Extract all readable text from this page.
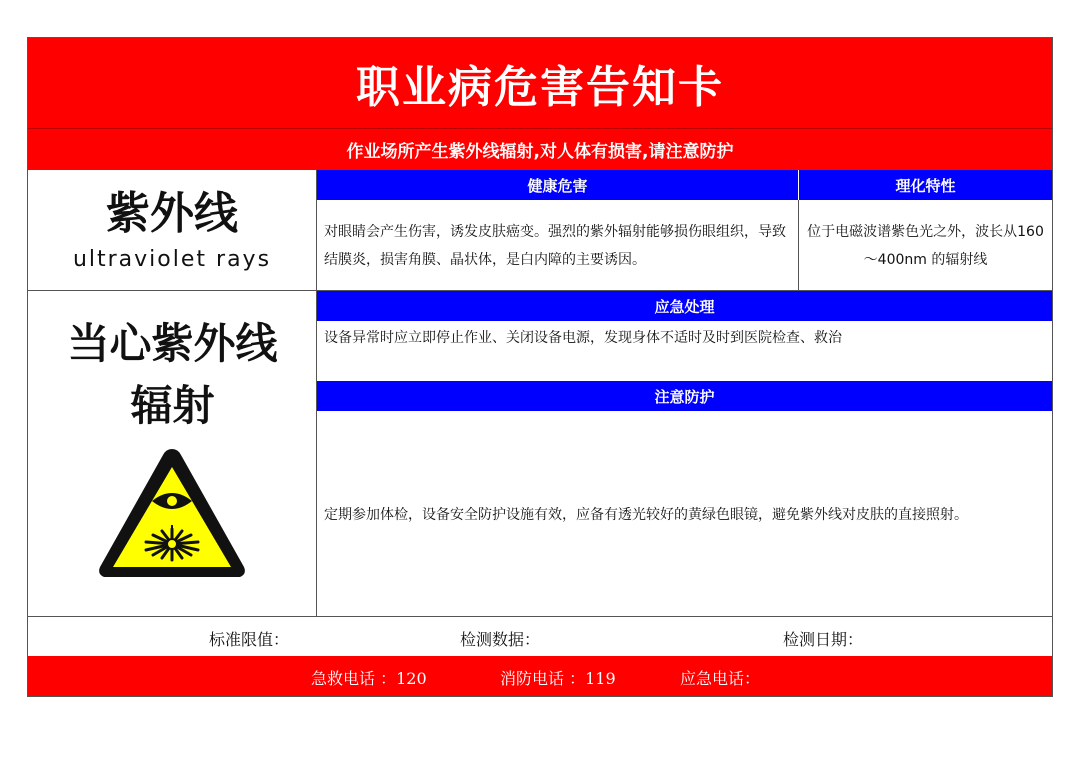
职业病危害告知卡
作业场所产生紫外线辐射,对人体有损害,请注意防护
紫外线
ultraviolet rays
当心紫外线
辐射
健康危害	理化特性
对眼睛会产生伤害，诱发皮肤癌变。强烈的紫外辐射能够损伤眼组织，导致结膜炎，损害角膜、晶状体，是白内障的主要诱因。
位于电磁波谱紫色光之外，波长从160～400nm 的辐射线
应急处理
设备异常时应立即停止作业、关闭设备电源，发现身体不适时及时到医院检查、救治
注意防护
定期参加体检，设备安全防护设施有效，应备有透光较好的黄绿色眼镜，避免紫外线对皮肤的直接照射。
标准限值：	检测数据：	检测日期：
急救电话 ：120	消防电话 ：119	应急电话：
